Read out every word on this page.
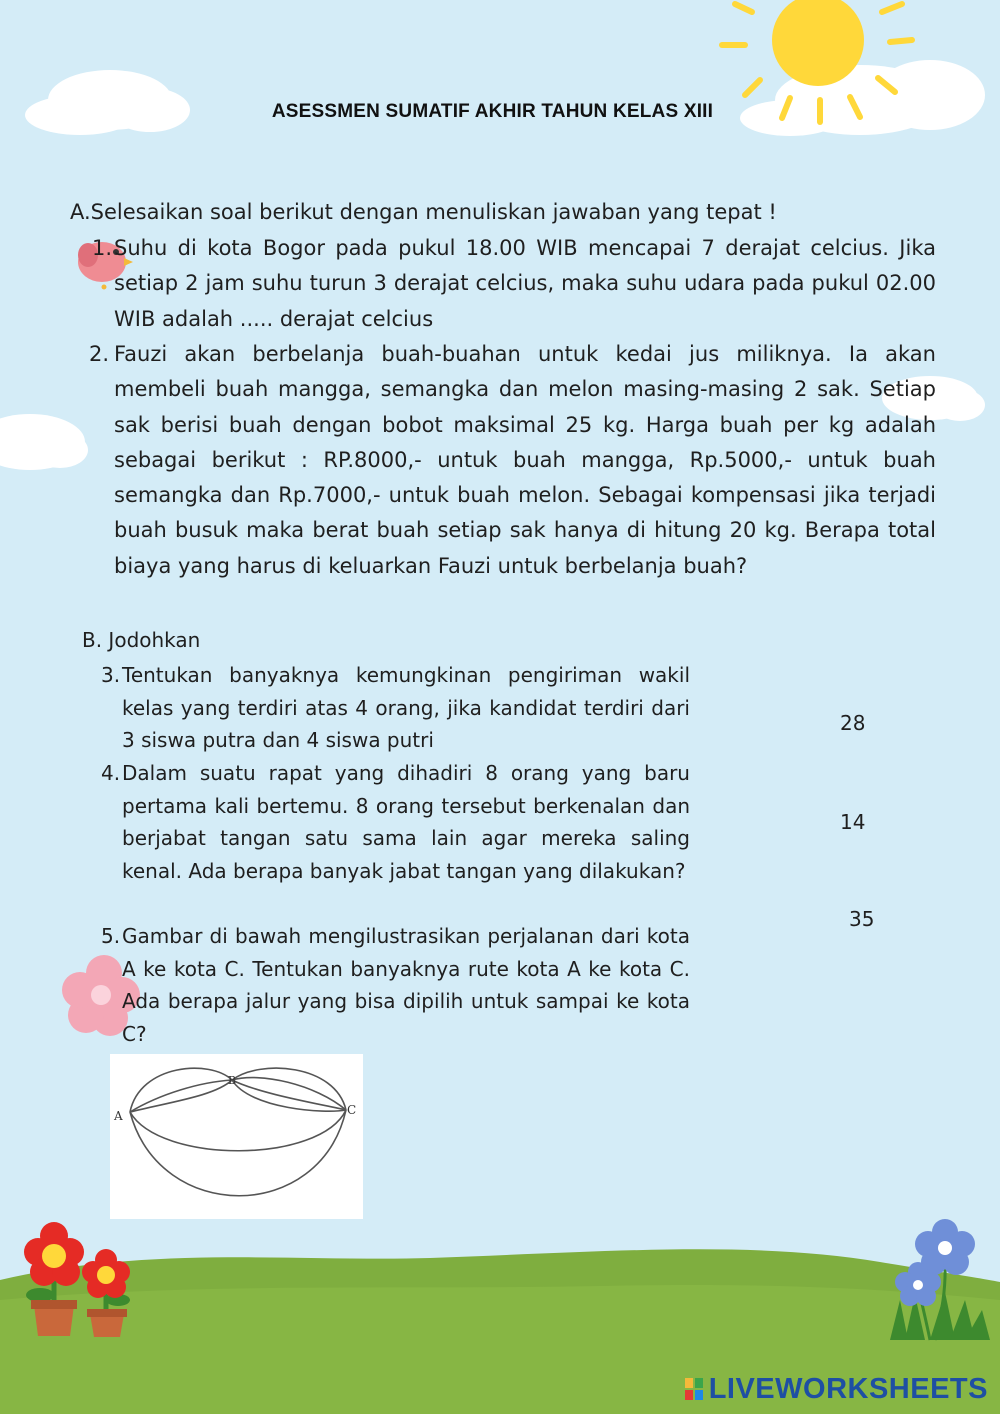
ASESSMEN SUMATIF AKHIR TAHUN KELAS XIII
A.Selesaikan soal berikut dengan menuliskan jawaban yang tepat !
1. Suhu di kota Bogor pada pukul 18.00 WIB mencapai 7 derajat celcius. Jika setiap 2 jam suhu turun 3 derajat celcius, maka suhu udara pada pukul 02.00 WIB adalah ..... derajat celcius
2. Fauzi akan berbelanja buah-buahan untuk kedai jus miliknya. Ia akan membeli buah mangga, semangka dan melon masing-masing 2 sak. Setiap sak berisi buah dengan bobot maksimal 25 kg. Harga buah per kg adalah sebagai berikut : RP.8000,- untuk buah mangga, Rp.5000,- untuk buah semangka dan Rp.7000,- untuk buah melon. Sebagai kompensasi jika terjadi buah busuk maka berat buah setiap sak hanya di hitung 20 kg. Berapa total biaya yang harus di keluarkan Fauzi untuk berbelanja buah?
B. Jodohkan
3. Tentukan banyaknya kemungkinan pengiriman wakil kelas yang terdiri atas 4 orang, jika kandidat terdiri dari 3 siswa putra dan 4 siswa putri
4. Dalam suatu rapat yang dihadiri 8 orang yang baru pertama kali bertemu. 8 orang tersebut berkenalan dan berjabat tangan satu sama lain agar mereka saling kenal. Ada berapa banyak jabat tangan yang dilakukan?
5. Gambar di bawah mengilustrasikan perjalanan dari kota A ke kota C. Tentukan banyaknya rute kota A ke kota C. Ada berapa jalur yang bisa dipilih untuk sampai ke kota C?
28
14
35
A
B
C
LIVEWORKSHEETS
